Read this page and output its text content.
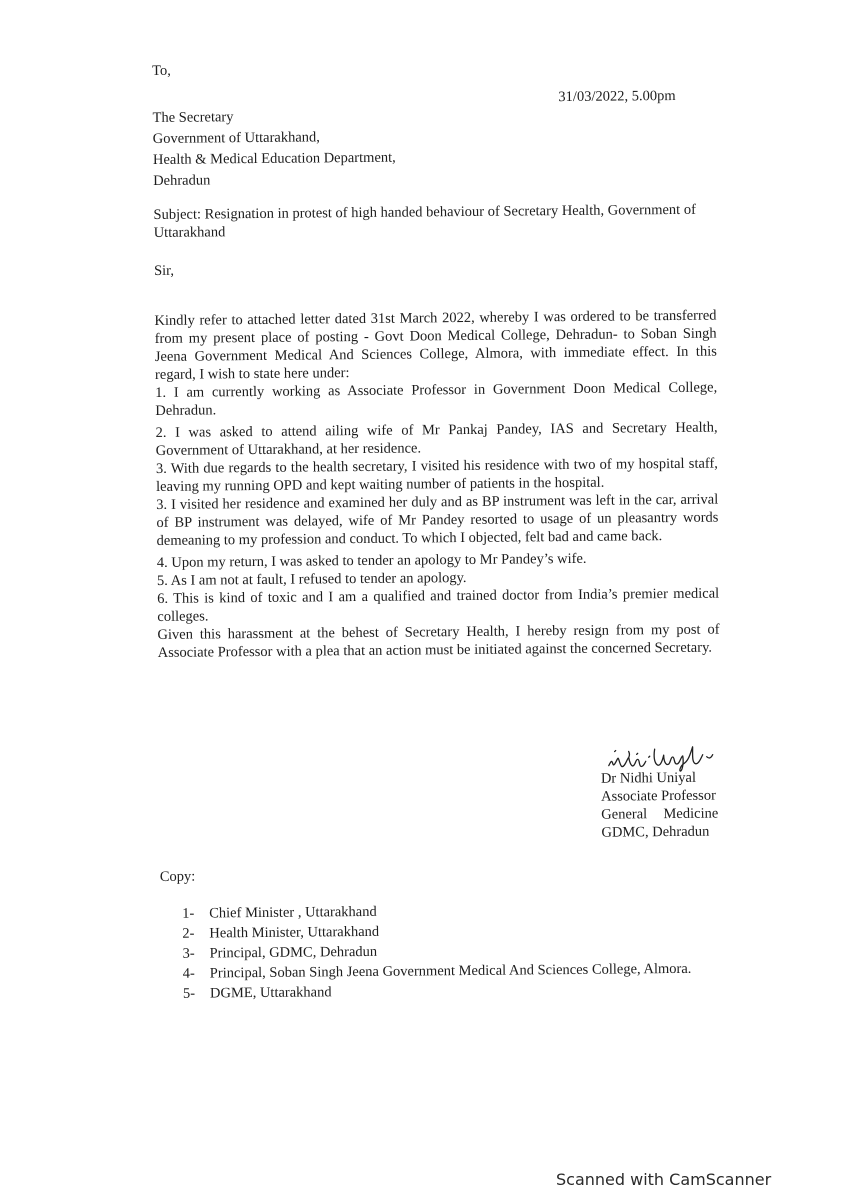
To,
31/03/2022, 5.00pm
The Secretary
Government of Uttarakhand,
Health & Medical Education Department,
Dehradun
Subject: Resignation in protest of high handed behaviour of Secretary Health, Government of Uttarakhand
Sir,

Kindly refer to attached letter dated 31st March 2022, whereby I was ordered to be transferred from my present place of posting - Govt Doon Medical College, Dehradun- to Soban Singh Jeena Government Medical And Sciences College, Almora, with immediate effect. In this regard, I wish to state here under:

1. I am currently working as Associate Professor in Government Doon Medical College, Dehradun.

2. I was asked to attend ailing wife of Mr Pankaj Pandey, IAS and Secretary Health, Government of Uttarakhand, at her residence.

3. With due regards to the health secretary, I visited his residence with two of my hospital staff, leaving my running OPD and kept waiting number of patients in the hospital.

3. I visited her residence and examined her duly and as BP instrument was left in the car, arrival of BP instrument was delayed, wife of Mr Pandey resorted to usage of un pleasantry words demeaning to my profession and conduct. To which I objected, felt bad and came back.

4. Upon my return, I was asked to tender an apology to Mr Pandey’s wife.

5. As I am not at fault, I refused to tender an apology.

6. This is kind of toxic and I am a qualified and trained doctor from India’s premier medical colleges.

Given this harassment at the behest of Secretary Health, I hereby resign from my post of Associate Professor with a plea that an action must be initiated against the concerned Secretary.

Dr Nidhi Uniyal
Associate Professor
General Medicine
GDMC, Dehradun
Copy:
1- Chief Minister , Uttarakhand
2- Health Minister, Uttarakhand
3- Principal, GDMC, Dehradun
4- Principal, Soban Singh Jeena Government Medical And Sciences College, Almora.
5- DGME, Uttarakhand
Scanned with CamScanner
